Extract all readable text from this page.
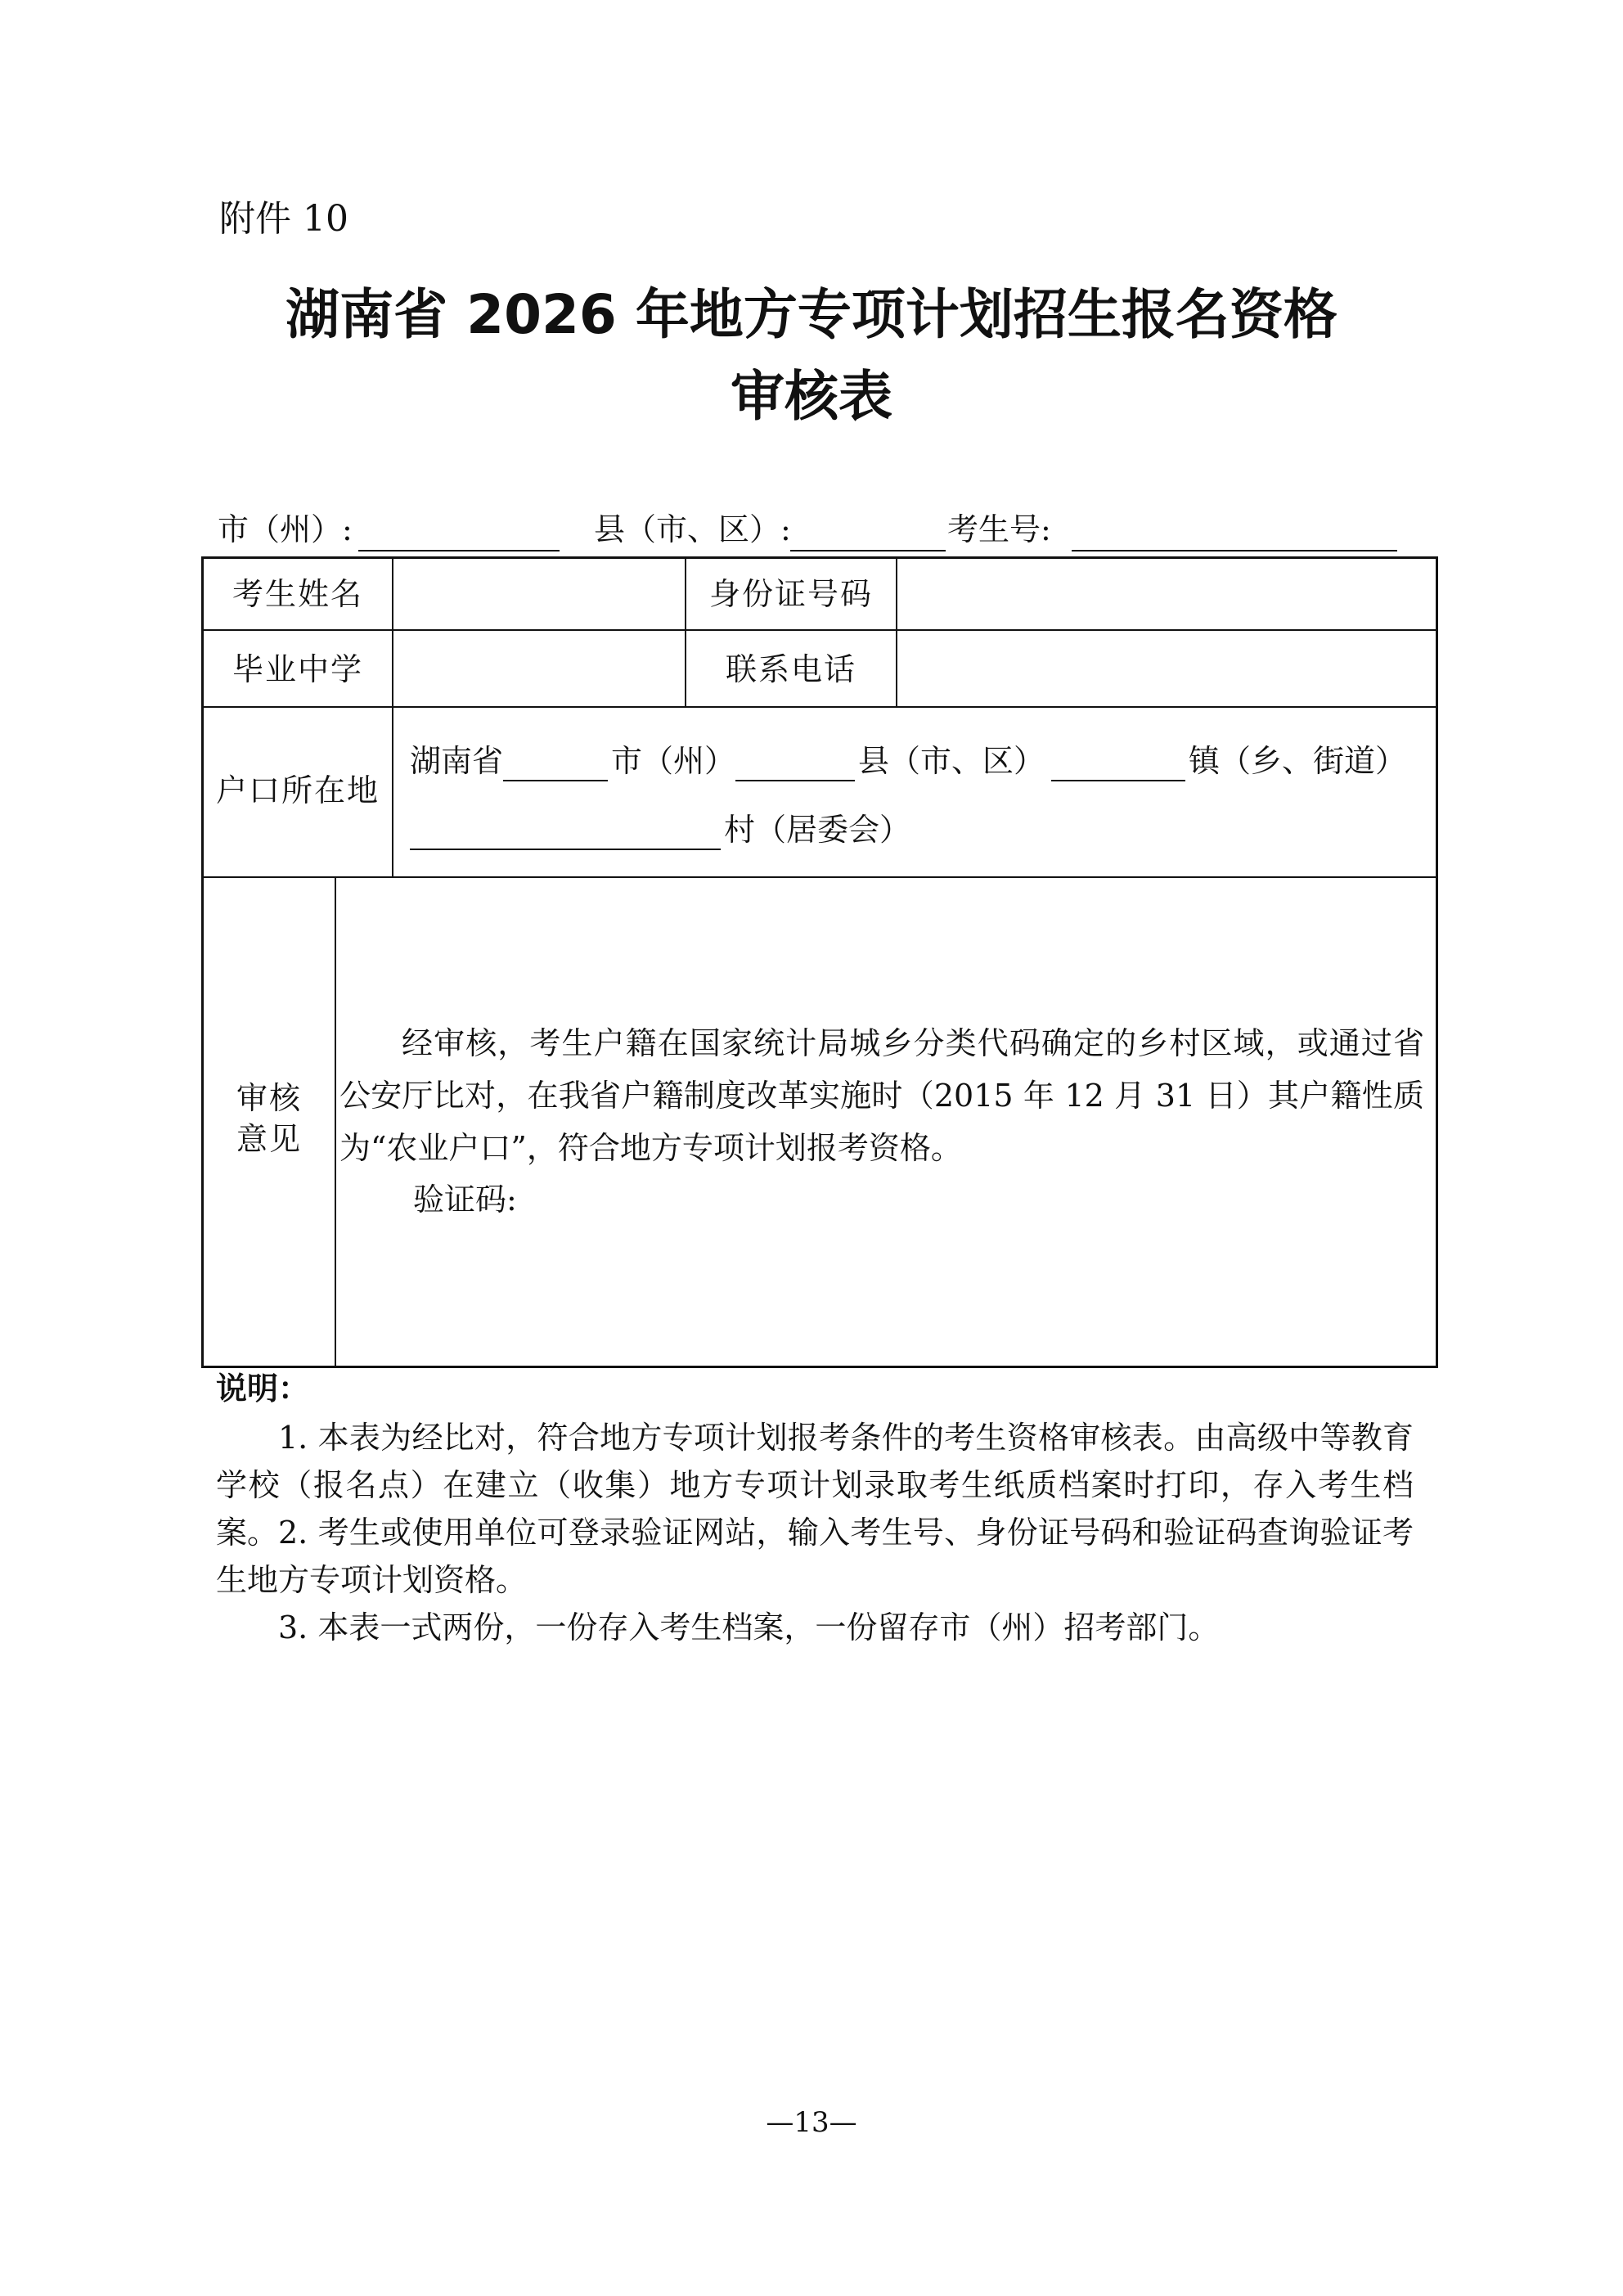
附件 10
湖南省 2026 年地方专项计划招生报名资格
审核表
市（州）:	县（市、区）:	考生号:
考生姓名	身份证号码
毕业中学	联系电话
户口所在地
湖南省	市（州）	县（市、区）	镇（乡、街道）
村（居委会）
审核
意见
经审核，考生户籍在国家统计局城乡分类代码确定的乡村区域，或通过省公安厅比对，在我省户籍制度改革实施时（2015 年 12 月 31 日）其户籍性质为“农业户口”，符合地方专项计划报考资格。
验证码:
说明：
1. 本表为经比对，符合地方专项计划报考条件的考生资格审核表。由高级中等教育学校（报名点）在建立（收集）地方专项计划录取考生纸质档案时打印，存入考生档案。 2. 考生或使用单位可登录验证网站，输入考生号、身份证号码和验证码查询验证考生地方专项计划资格。
3. 本表一式两份，一份存入考生档案，一份留存市（州）招考部门。
—13—
